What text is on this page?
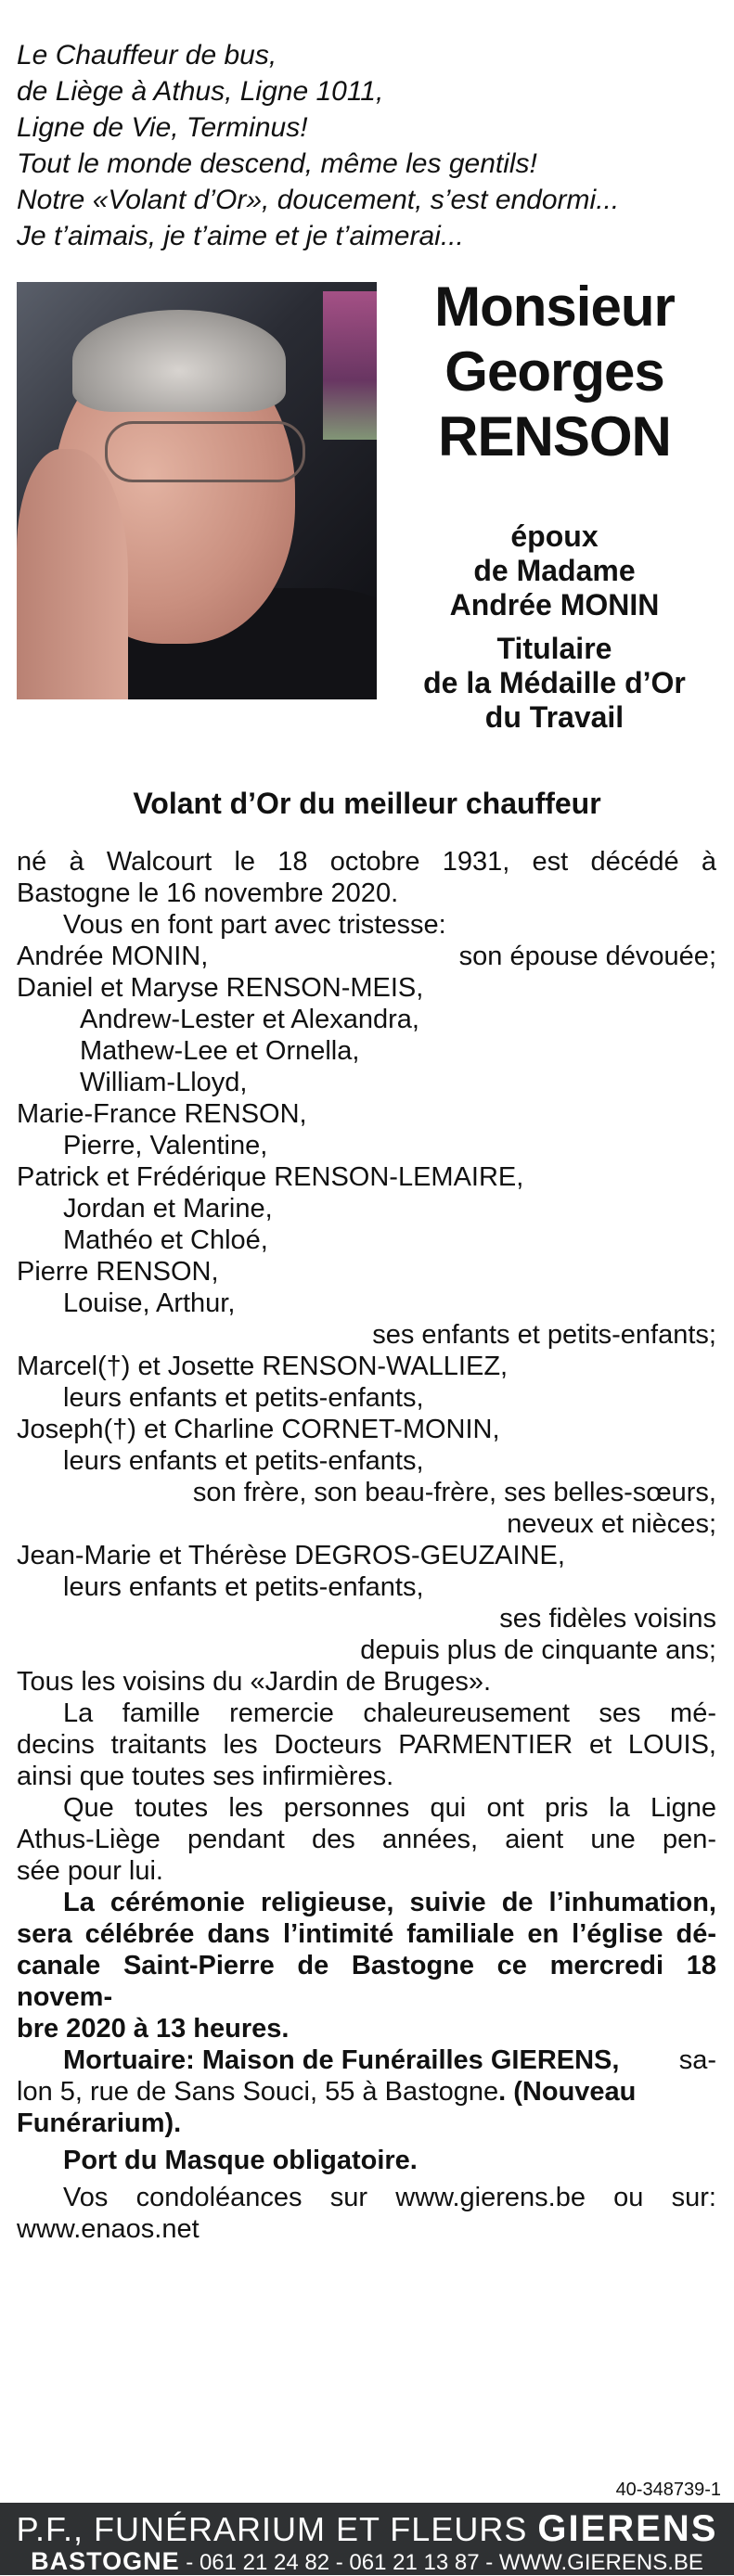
Le Chauffeur de bus,
de Liège à Athus, Ligne 1011,
Ligne de Vie, Terminus!
Tout le monde descend, même les gentils!
Notre «Volant d’Or», doucement, s’est endormi...
Je t’aimais, je t’aime et je t’aimerai...
Monsieur
Georges
RENSON
époux
de Madame
Andrée MONIN
Titulaire
de la Médaille d’Or
du Travail
Volant d’Or du meilleur chauffeur
né à Walcourt le 18 octobre 1931, est décédé à
Bastogne le 16 novembre 2020.
Vous en font part avec tristesse:
Andrée MONIN,	son épouse dévouée;
Daniel et Maryse RENSON-MEIS,
Andrew-Lester et Alexandra,
Mathew-Lee et Ornella,
William-Lloyd,
Marie-France RENSON,
Pierre, Valentine,
Patrick et Frédérique RENSON-LEMAIRE,
Jordan et Marine,
Mathéo et Chloé,
Pierre RENSON,
Louise, Arthur,
ses enfants et petits-enfants;
Marcel(†) et Josette RENSON-WALLIEZ,
leurs enfants et petits-enfants,
Joseph(†) et Charline CORNET-MONIN,
leurs enfants et petits-enfants,
son frère, son beau-frère, ses belles-sœurs,
neveux et nièces;
Jean-Marie et Thérèse DEGROS-GEUZAINE,
leurs enfants et petits-enfants,
ses fidèles voisins
depuis plus de cinquante ans;
Tous les voisins du «Jardin de Bruges».
La famille remercie chaleureusement ses mé-
decins traitants les Docteurs PARMENTIER et LOUIS,
ainsi que toutes ses infirmières.
Que toutes les personnes qui ont pris la Ligne
Athus-Liège pendant des années, aient une pen-
sée pour lui.
La cérémonie religieuse, suivie de l’inhumation,
sera célébrée dans l’intimité familiale en l’église dé-
canale Saint-Pierre de Bastogne ce mercredi 18 novem-
bre 2020 à 13 heures.
Mortuaire: Maison de Funérailles GIERENS, sa-
lon 5, rue de Sans Souci, 55 à Bastogne. (Nouveau
Funérarium).
Port du Masque obligatoire.
Vos condoléances sur www.gierens.be ou sur:
www.enaos.net
40-348739-1
P.F., FUNÉRARIUM ET FLEURS GIERENS
BASTOGNE - 061 21 24 82 - 061 21 13 87 - WWW.GIERENS.BE
